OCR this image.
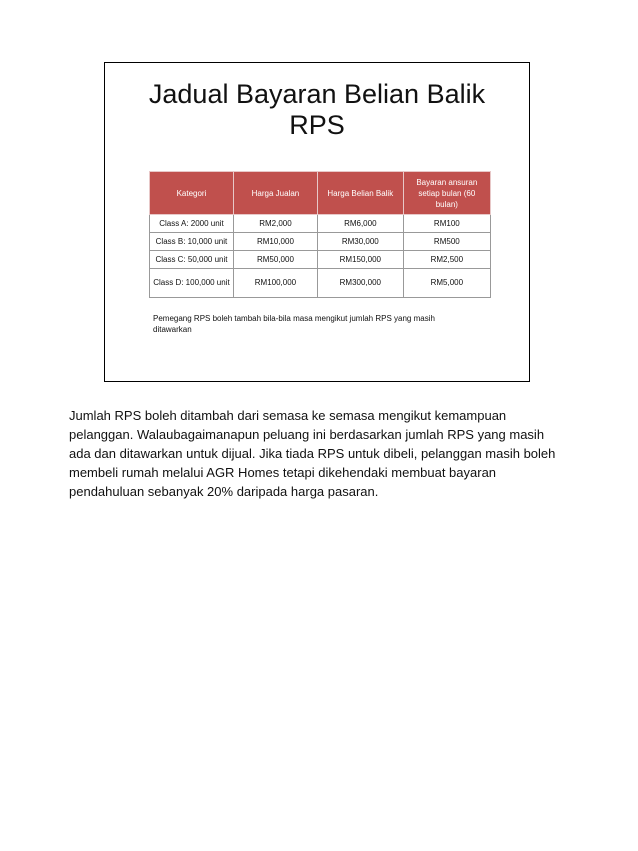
Jadual Bayaran Belian Balik
RPS
Kategori	Harga Jualan	Harga Belian Balik	Bayaran ansuran setiap bulan (60 bulan)
Class A: 2000 unit	RM2,000	RM6,000	RM100
Class B: 10,000 unit	RM10,000	RM30,000	RM500
Class C: 50,000 unit	RM50,000	RM150,000	RM2,500
Class D: 100,000 unit	RM100,000	RM300,000	RM5,000
Pemegang RPS boleh tambah bila-bila masa mengikut jumlah RPS yang masih ditawarkan
Jumlah RPS boleh ditambah dari semasa ke semasa mengikut kemampuan pelanggan. Walaubagaimanapun peluang ini berdasarkan jumlah RPS yang masih ada dan ditawarkan untuk dijual. Jika tiada RPS untuk dibeli, pelanggan masih boleh membeli rumah melalui AGR Homes tetapi dikehendaki membuat bayaran pendahuluan sebanyak 20% daripada harga pasaran.
